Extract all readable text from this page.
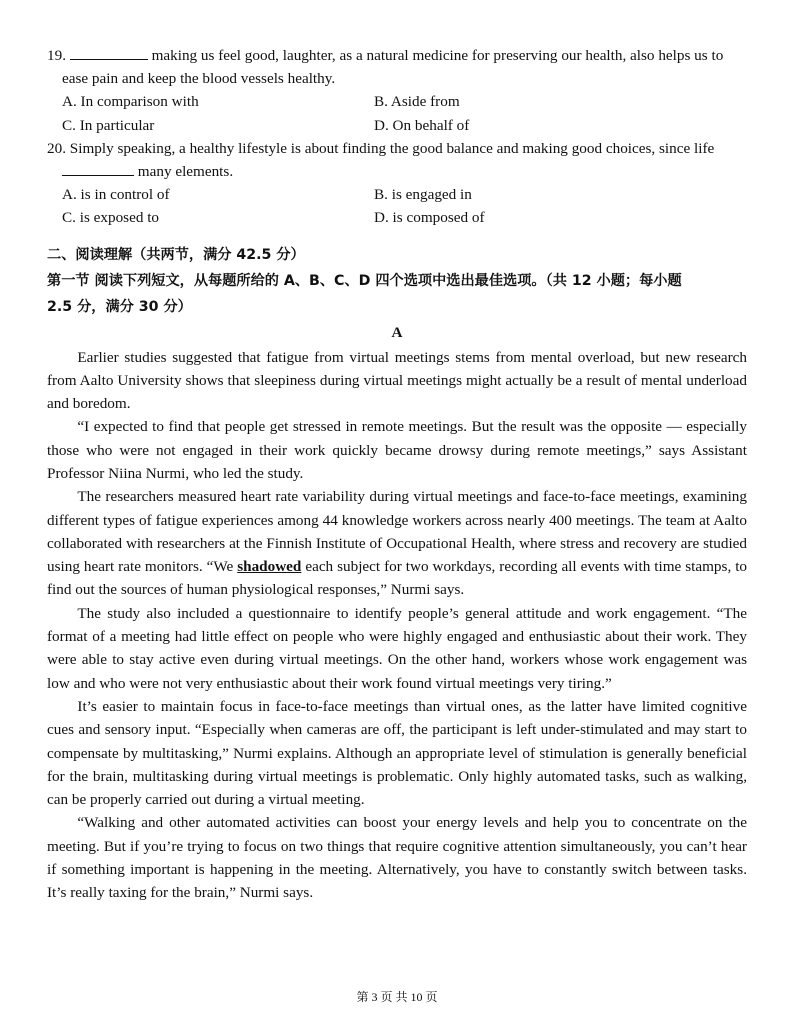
19.	making us feel good, laughter, as a natural medicine for preserving our health, also helps us to
ease pain and keep the blood vessels healthy.
A. In comparison with	B. Aside from
C. In particular	D. On behalf of
20. Simply speaking, a healthy lifestyle is about finding the good balance and making good choices, since life
many elements.
A. is in control of	B. is engaged in
C. is exposed to	D. is composed of
二、阅读理解（共两节，满分 42.5 分）
第一节 阅读下列短文，从每题所给的 A、B、C、D 四个选项中选出最佳选项。（共 12 小题；每小题
2.5 分，满分 30 分）
A

Earlier studies suggested that fatigue from virtual meetings stems from mental overload, but new research from Aalto University shows that sleepiness during virtual meetings might actually be a result of mental underload and boredom.

“I expected to find that people get stressed in remote meetings. But the result was the opposite — especially those who were not engaged in their work quickly became drowsy during remote meetings,” says Assistant Professor Niina Nurmi, who led the study.

The researchers measured heart rate variability during virtual meetings and face-to-face meetings, examining different types of fatigue experiences among 44 knowledge workers across nearly 400 meetings. The team at Aalto collaborated with researchers at the Finnish Institute of Occupational Health, where stress and recovery are studied using heart rate monitors. “We shadowed each subject for two workdays, recording all events with time stamps, to find out the sources of human physiological responses,” Nurmi says.

The study also included a questionnaire to identify people’s general attitude and work engagement. “The format of a meeting had little effect on people who were highly engaged and enthusiastic about their work. They were able to stay active even during virtual meetings. On the other hand, workers whose work engagement was low and who were not very enthusiastic about their work found virtual meetings very tiring.”

It’s easier to maintain focus in face-to-face meetings than virtual ones, as the latter have limited cognitive cues and sensory input. “Especially when cameras are off, the participant is left under-stimulated and may start to compensate by multitasking,” Nurmi explains. Although an appropriate level of stimulation is generally beneficial for the brain, multitasking during virtual meetings is problematic. Only highly automated tasks, such as walking, can be properly carried out during a virtual meeting.

“Walking and other automated activities can boost your energy levels and help you to concentrate on the meeting. But if you’re trying to focus on two things that require cognitive attention simultaneously, you can’t hear if something important is happening in the meeting. Alternatively, you have to constantly switch between tasks. It’s really taxing for the brain,” Nurmi says.

第 3 页 共 10 页
